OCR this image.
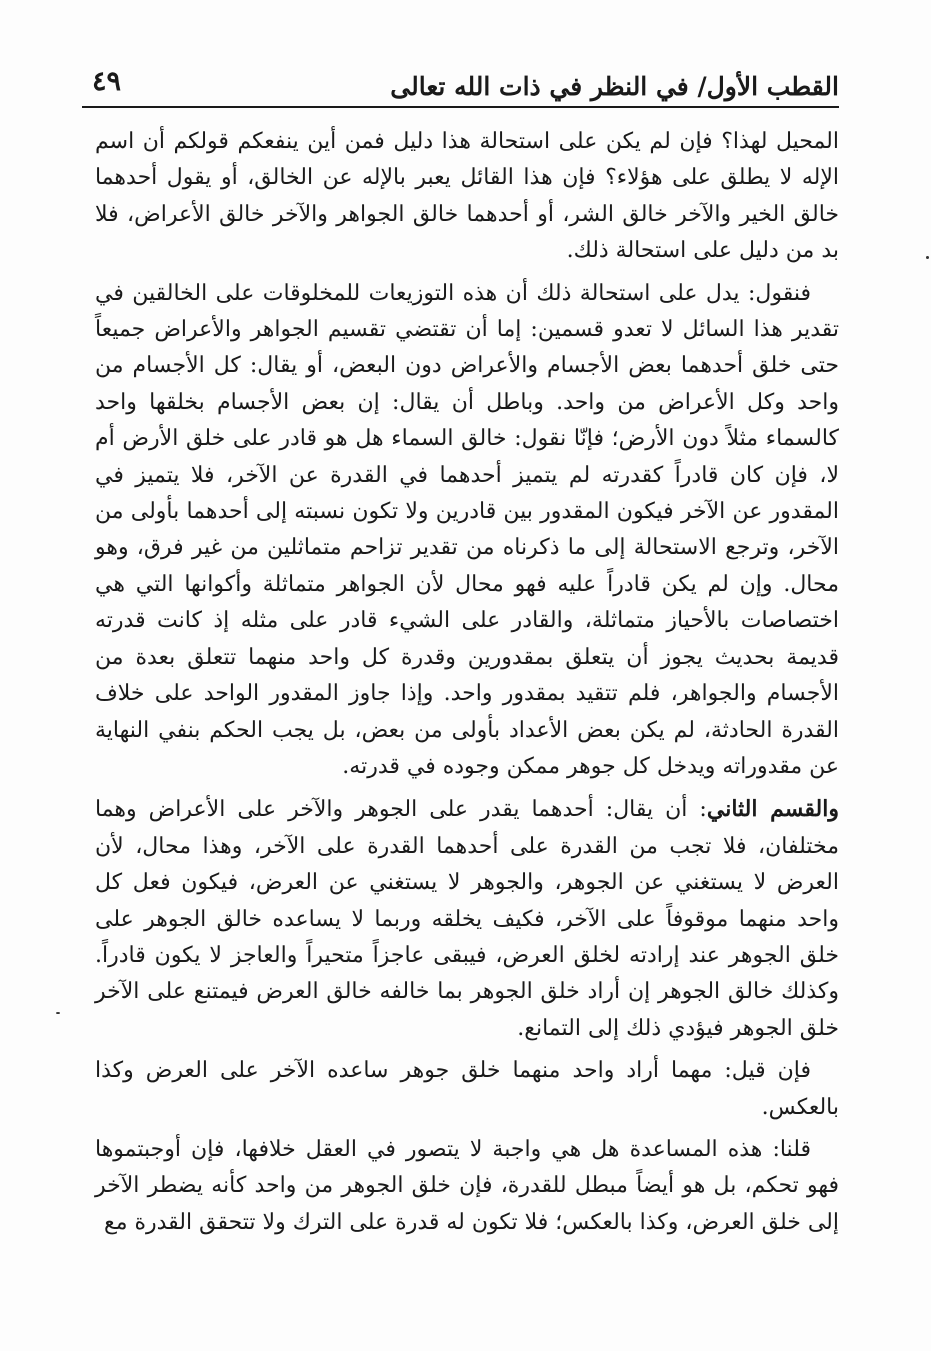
القطب الأول/ في النظر في ذات الله تعالى
٤٩

المحيل لهذا؟ فإن لم يكن على استحالة هذا دليل فمن أين ينفعكم قولكم أن اسم الإله لا يطلق على هؤلاء؟ فإن هذا القائل يعبر بالإله عن الخالق، أو يقول أحدهما خالق الخير والآخر خالق الشر، أو أحدهما خالق الجواهر والآخر خالق الأعراض، فلا بد من دليل على استحالة ذلك.

فنقول: يدل على استحالة ذلك أن هذه التوزيعات للمخلوقات على الخالقين في تقدير هذا السائل لا تعدو قسمين: إما أن تقتضي تقسيم الجواهر والأعراض جميعاً حتى خلق أحدهما بعض الأجسام والأعراض دون البعض، أو يقال: كل الأجسام من واحد وكل الأعراض من واحد. وباطل أن يقال: إن بعض الأجسام بخلقها واحد كالسماء مثلاً دون الأرض؛ فإنّا نقول: خالق السماء هل هو قادر على خلق الأرض أم لا، فإن كان قادراً كقدرته لم يتميز أحدهما في القدرة عن الآخر، فلا يتميز في المقدور عن الآخر فيكون المقدور بين قادرين ولا تكون نسبته إلى أحدهما بأولى من الآخر، وترجع الاستحالة إلى ما ذكرناه من تقدير تزاحم متماثلين من غير فرق، وهو محال. وإن لم يكن قادراً عليه فهو محال لأن الجواهر متماثلة وأكوانها التي هي اختصاصات بالأحياز متماثلة، والقادر على الشيء قادر على مثله إذ كانت قدرته قديمة بحديث يجوز أن يتعلق بمقدورين وقدرة كل واحد منهما تتعلق بعدة من الأجسام والجواهر، فلم تتقيد بمقدور واحد. وإذا جاوز المقدور الواحد على خلاف القدرة الحادثة، لم يكن بعض الأعداد بأولى من بعض، بل يجب الحكم بنفي النهاية عن مقدوراته ويدخل كل جوهر ممكن وجوده في قدرته.

والقسم الثاني: أن يقال: أحدهما يقدر على الجوهر والآخر على الأعراض وهما مختلفان، فلا تجب من القدرة على أحدهما القدرة على الآخر، وهذا محال، لأن العرض لا يستغني عن الجوهر، والجوهر لا يستغني عن العرض، فيكون فعل كل واحد منهما موقوفاً على الآخر، فكيف يخلقه وربما لا يساعده خالق الجوهر على خلق الجوهر عند إرادته لخلق العرض، فيبقى عاجزاً متحيراً والعاجز لا يكون قادراً. وكذلك خالق الجوهر إن أراد خلق الجوهر بما خالفه خالق العرض فيمتنع على الآخر خلق الجوهر فيؤدي ذلك إلى التمانع.

فإن قيل: مهما أراد واحد منهما خلق جوهر ساعده الآخر على العرض وكذا بالعكس.

قلنا: هذه المساعدة هل هي واجبة لا يتصور في العقل خلافها، فإن أوجبتموها فهو تحكم، بل هو أيضاً مبطل للقدرة، فإن خلق الجوهر من واحد كأنه يضطر الآخر إلى خلق العرض، وكذا بالعكس؛ فلا تكون له قدرة على الترك ولا تتحقق القدرة مع
